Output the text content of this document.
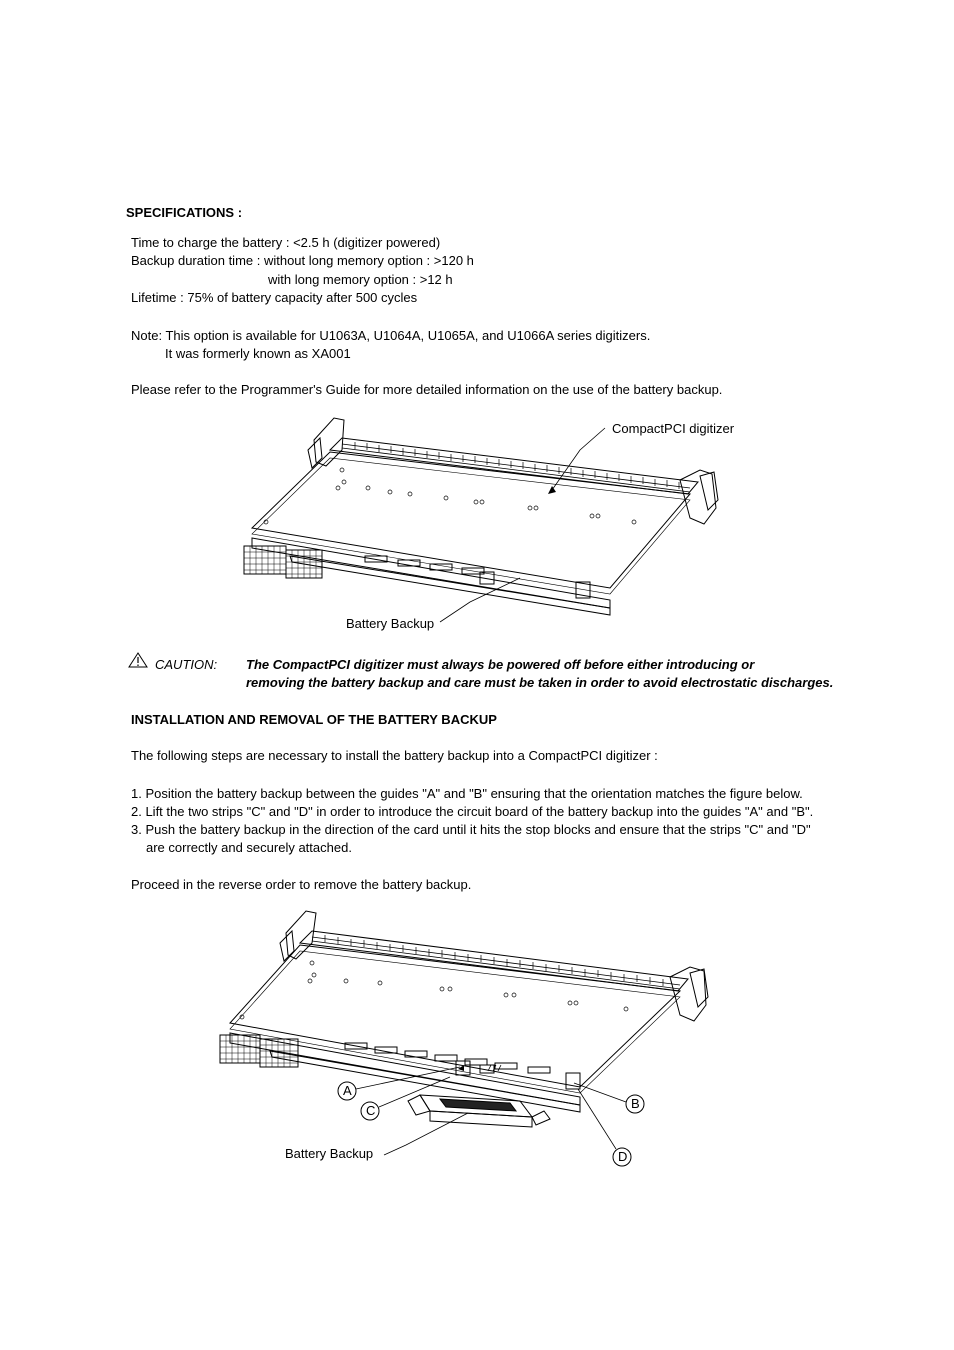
SPECIFICATIONS :
Time to charge the battery : <2.5 h (digitizer powered)
Backup duration time : without long memory option : >120 h
with long memory option : >12 h
Lifetime : 75% of battery capacity after 500 cycles
Note: This option is available for U1063A, U1064A, U1065A, and U1066A series digitizers.
It was formerly known as XA001
Please refer to the Programmer's Guide for more detailed information on the use of the battery backup.
CompactPCI digitizer
Battery Backup
CAUTION: The CompactPCI digitizer must always be powered off before either introducing or
removing the battery backup and care must be taken in order to avoid electrostatic discharges.
INSTALLATION AND REMOVAL OF THE BATTERY BACKUP
The following steps are necessary to install the battery backup into a CompactPCI digitizer :
1. Position the battery backup between the guides "A" and "B" ensuring that the orientation matches the figure below.
2. Lift the two strips "C" and "D" in order to introduce the circuit board of the battery backup into the guides "A" and "B".
3. Push the battery backup in the direction of the card until it hits the stop blocks and ensure that the strips "C" and "D"
are correctly and securely attached.
Proceed in the reverse order to remove the battery backup.
A
C	B
D
Battery Backup
